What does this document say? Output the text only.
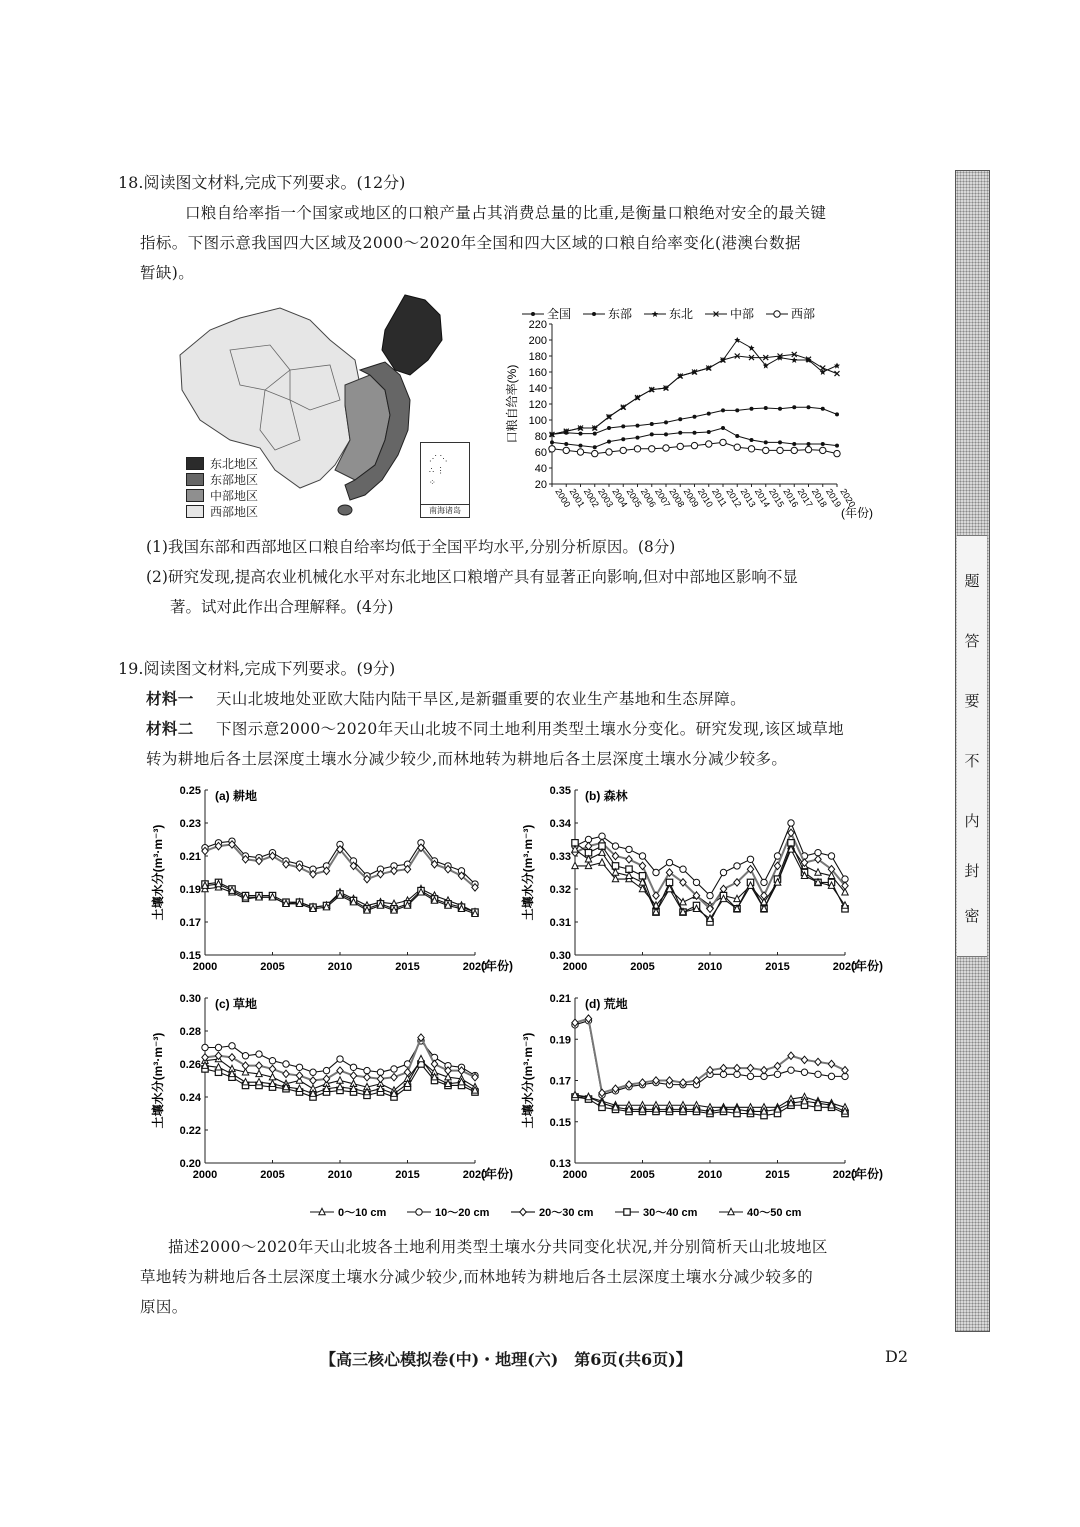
18.阅读图文材料,完成下列要求。(12分)
口粮自给率指一个国家或地区的口粮产量占其消费总量的比重,是衡量口粮绝对安全的最关键
指标。下图示意我国四大区域及2000～2020年全国和四大区域的口粮自给率变化(港澳台数据
暂缺)。
东北地区
东部地区
中部地区
西部地区
⋰ ⋱
∴ ⋮
⁘
南海诸岛
20
40
60
80
100
120
140
160
180
200
220
2000
2001
2002
2003
2004
2005
2006
2007
2008
2009
2010
2011
2012
2013
2014
2015
2016
2017
2018
2019
2020
(年份)
口粮自给率(%)
全国	东部	东北	中部	西部
(1)我国东部和西部地区口粮自给率均低于全国平均水平,分别分析原因。(8分)
(2)研究发现,提高农业机械化水平对东北地区口粮增产具有显著正向影响,但对中部地区影响不显
著。试对此作出合理解释。(4分)
19.阅读图文材料,完成下列要求。(9分)
材料一 天山北坡地处亚欧大陆内陆干旱区,是新疆重要的农业生产基地和生态屏障。
材料二 下图示意2000～2020年天山北坡不同土地利用类型土壤水分变化。研究发现,该区域草地
转为耕地后各土层深度土壤水分减少较少,而林地转为耕地后各土层深度土壤水分减少较多。
0.15
0.17
0.19
0.21
0.23
0.25
2000	2005	2010	2015	2020
(年份)
土壤水分(m³·m⁻³)
(a) 耕地
0.30
0.31
0.32
0.33
0.34
0.35
2000	2005	2010	2015	2020
(年份)
土壤水分(m³·m⁻³)
(b) 森林
0.20
0.22
0.24
0.26
0.28
0.30
2000	2005	2010	2015	2020
(年份)
土壤水分(m³·m⁻³)
(c) 草地
0.13
0.15
0.17
0.19
0.21
2000	2005	2010	2015	2020
(年份)
土壤水分(m³·m⁻³)
(d) 荒地
0～10 cm	10～20 cm	20～30 cm	30～40 cm	40～50 cm
描述2000～2020年天山北坡各土地利用类型土壤水分共同变化状况,并分别简析天山北坡地区
草地转为耕地后各土层深度土壤水分减少较少,而林地转为耕地后各土层深度土壤水分减少较多的
原因。
题
答
要
不
内
封
密
【高三核心模拟卷(中)・地理(六)　第6页(共6页)】	D2
